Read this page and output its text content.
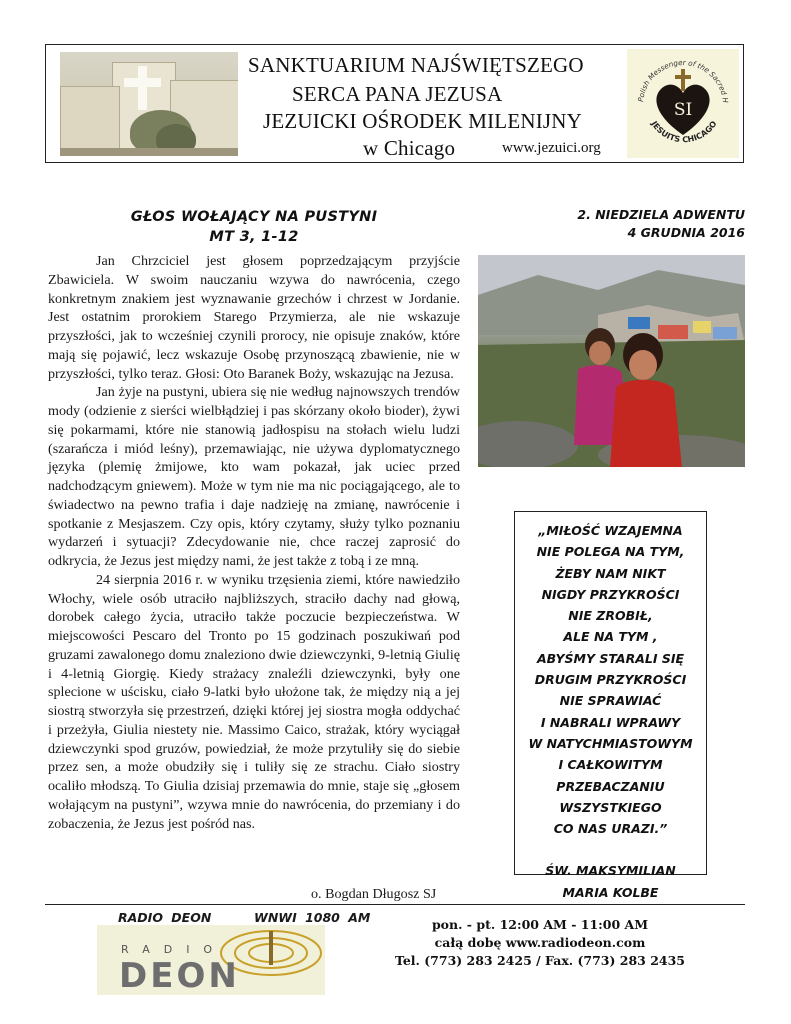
SANKTUARIUM NAJŚWIĘTSZEGO
SERCA PANA JEZUSA
JEZUICKI OŚRODEK MILENIJNY
w Chicago	www.jezuici.org
Polish Messenger of the Sacred H
JESUITS CHICAGO
SI
GŁOS WOŁAJĄCY NA PUSTYNI
MT 3, 1-12

Jan Chrzciciel jest głosem poprzedzającym przyjście Zbawiciela. W swoim nauczaniu wzywa do nawrócenia, czego konkretnym znakiem jest wyznawanie grzechów i chrzest w Jordanie. Jest ostatnim prorokiem Starego Przymierza, ale nie wskazuje przyszłości, jak to wcześniej czynili prorocy, nie opisuje znaków, które mają się pojawić, lecz wskazuje Osobę przynoszącą zbawienie, nie w przyszłości, tylko teraz. Głosi: Oto Baranek Boży, wskazując na Jezusa.

Jan żyje na pustyni, ubiera się nie według najnowszych trendów mody (odzienie z sierści wielbłądziej i pas skórzany około bioder), żywi się pokarmami, które nie stanowią jadłospisu na stołach wielu ludzi (szarańcza i miód leśny), przemawiając, nie używa dyplomatycznego języka (plemię żmijowe, kto wam pokazał, jak uciec przed nadchodzącym gniewem). Może w tym nie ma nic pociągającego, ale to świadectwo na pewno trafia i daje nadzieję na zmianę, nawrócenie i spotkanie z Mesjaszem. Czy opis, który czytamy, służy tylko poznaniu wydarzeń i sytuacji? Zdecydowanie nie, chce raczej zaprosić do odkrycia, że Jezus jest między nami, że jest także z tobą i ze mną.

24 sierpnia 2016 r. w wyniku trzęsienia ziemi, które nawiedziło Włochy, wiele osób utraciło najbliższych, straciło dachy nad głową, dorobek całego życia, utraciło także poczucie bezpieczeństwa. W miejscowości Pescaro del Tronto po 15 godzinach poszukiwań pod gruzami zawalonego domu znaleziono dwie dziewczynki, 9-letnią Giulię i 4-letnią Giorgię. Kiedy strażacy znaleźli dziewczynki, były one splecione w uścisku, ciało 9-latki było ułożone tak, że między nią a jej siostrą stworzyła się przestrzeń, dzięki której jej siostra mogła oddychać i przeżyła, Giulia niestety nie. Massimo Caico, strażak, który wyciągał dziewczynki spod gruzów, powiedział, że może przytuliły się do siebie przez sen, a może obudziły się i tuliły się ze strachu. Ciało siostry ocaliło młodszą. To Giulia dzisiaj przemawia do mnie, staje się „głosem wołającym na pustyni”, wzywa mnie do nawrócenia, do przemiany i do zobaczenia, że Jezus jest pośród nas.

o. Bogdan Długosz SJ
2. NIEDZIELA ADWENTU
4 GRUDNIA 2016
„MIŁOŚĆ WZAJEMNA
NIE POLEGA NA TYM,
ŻEBY NAM NIKT
NIGDY PRZYKROŚCI
NIE ZROBIŁ,
ALE NA TYM ,
ABYŚMY STARALI SIĘ
DRUGIM PRZYKROŚCI
NIE SPRAWIAĆ
I NABRALI WPRAWY
W NATYCHMIASTOWYM
I CAŁKOWITYM
PRZEBACZANIU
WSZYSTKIEGO
CO NAS URAZI.”
ŚW. MAKSYMILIAN
MARIA KOLBE
RADIO DEON	WNWI 1080 AM
RADIO
DEON
pon. - pt. 12:00 AM - 11:00 AM
całą dobę www.radiodeon.com
Tel. (773) 283 2425 / Fax. (773) 283 2435
